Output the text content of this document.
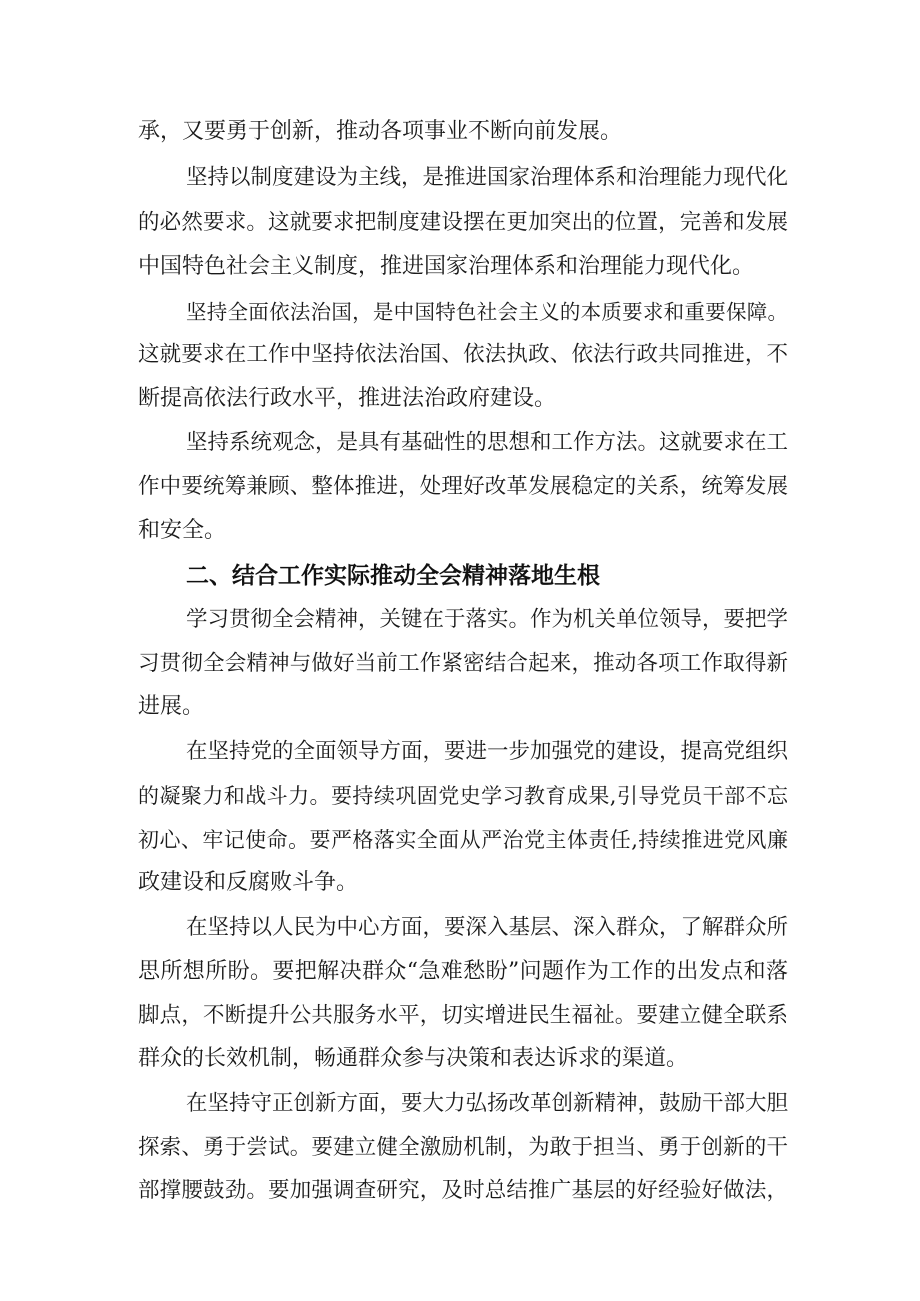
承，又要勇于创新，推动各项事业不断向前发展。
坚持以制度建设为主线，是推进国家治理体系和治理能力现代化
的必然要求。这就要求把制度建设摆在更加突出的位置，完善和发展
中国特色社会主义制度，推进国家治理体系和治理能力现代化。
坚持全面依法治国，是中国特色社会主义的本质要求和重要保障。
这就要求在工作中坚持依法治国、依法执政、依法行政共同推进，不
断提高依法行政水平，推进法治政府建设。
坚持系统观念，是具有基础性的思想和工作方法。这就要求在工
作中要统筹兼顾、整体推进，处理好改革发展稳定的关系，统筹发展
和安全。
二、结合工作实际推动全会精神落地生根
学习贯彻全会精神，关键在于落实。作为机关单位领导，要把学
习贯彻全会精神与做好当前工作紧密结合起来，推动各项工作取得新
进展。
在坚持党的全面领导方面，要进一步加强党的建设，提高党组织
的凝聚力和战斗力。要持续巩固党史学习教育成果,引导党员干部不忘
初心、牢记使命。要严格落实全面从严治党主体责任,持续推进党风廉
政建设和反腐败斗争。
在坚持以人民为中心方面，要深入基层、深入群众，了解群众所
思所想所盼。要把解决群众“急难愁盼”问题作为工作的出发点和落
脚点，不断提升公共服务水平，切实增进民生福祉。要建立健全联系
群众的长效机制，畅通群众参与决策和表达诉求的渠道。
在坚持守正创新方面，要大力弘扬改革创新精神，鼓励干部大胆
探索、勇于尝试。要建立健全激励机制，为敢于担当、勇于创新的干
部撑腰鼓劲。要加强调查研究，及时总结推广基层的好经验好做法，
